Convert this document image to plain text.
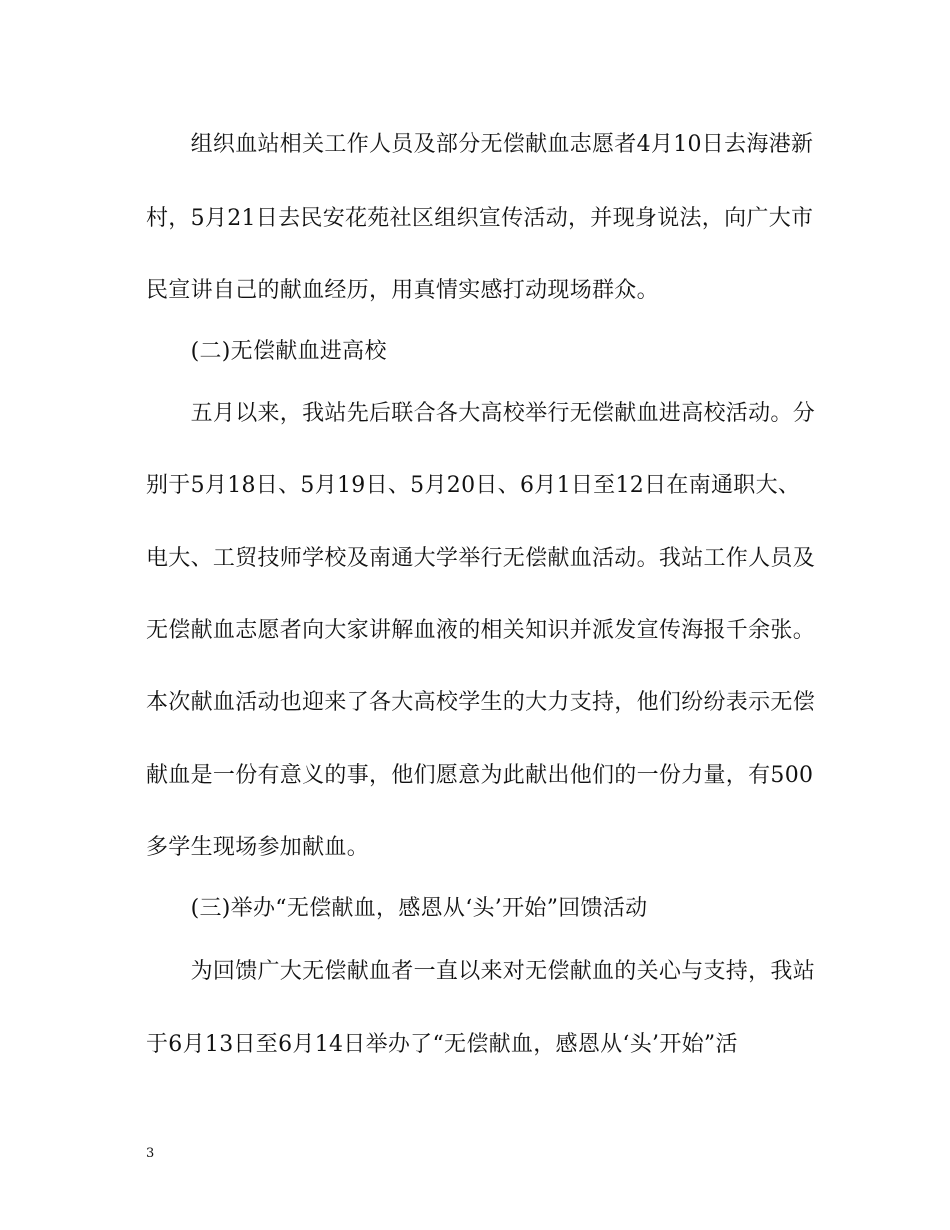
　　组织血站相关工作人员及部分无偿献血志愿者4月10日去海港新
村，5月21日去民安花苑社区组织宣传活动，并现身说法，向广大市
民宣讲自己的献血经历，用真情实感打动现场群众。
　　(二)无偿献血进高校
　　五月以来，我站先后联合各大高校举行无偿献血进高校活动。分
别于5月18日、5月19日、5月20日、6月1日至12日在南通职大、
电大、工贸技师学校及南通大学举行无偿献血活动。我站工作人员及
无偿献血志愿者向大家讲解血液的相关知识并派发宣传海报千余张。
本次献血活动也迎来了各大高校学生的大力支持，他们纷纷表示无偿
献血是一份有意义的事，他们愿意为此献出他们的一份力量，有500
多学生现场参加献血。
　　(三)举办“无偿献血，感恩从‘头’开始”回馈活动
　　为回馈广大无偿献血者一直以来对无偿献血的关心与支持，我站
于6月13日至6月14日举办了“无偿献血，感恩从‘头’开始”活
3
